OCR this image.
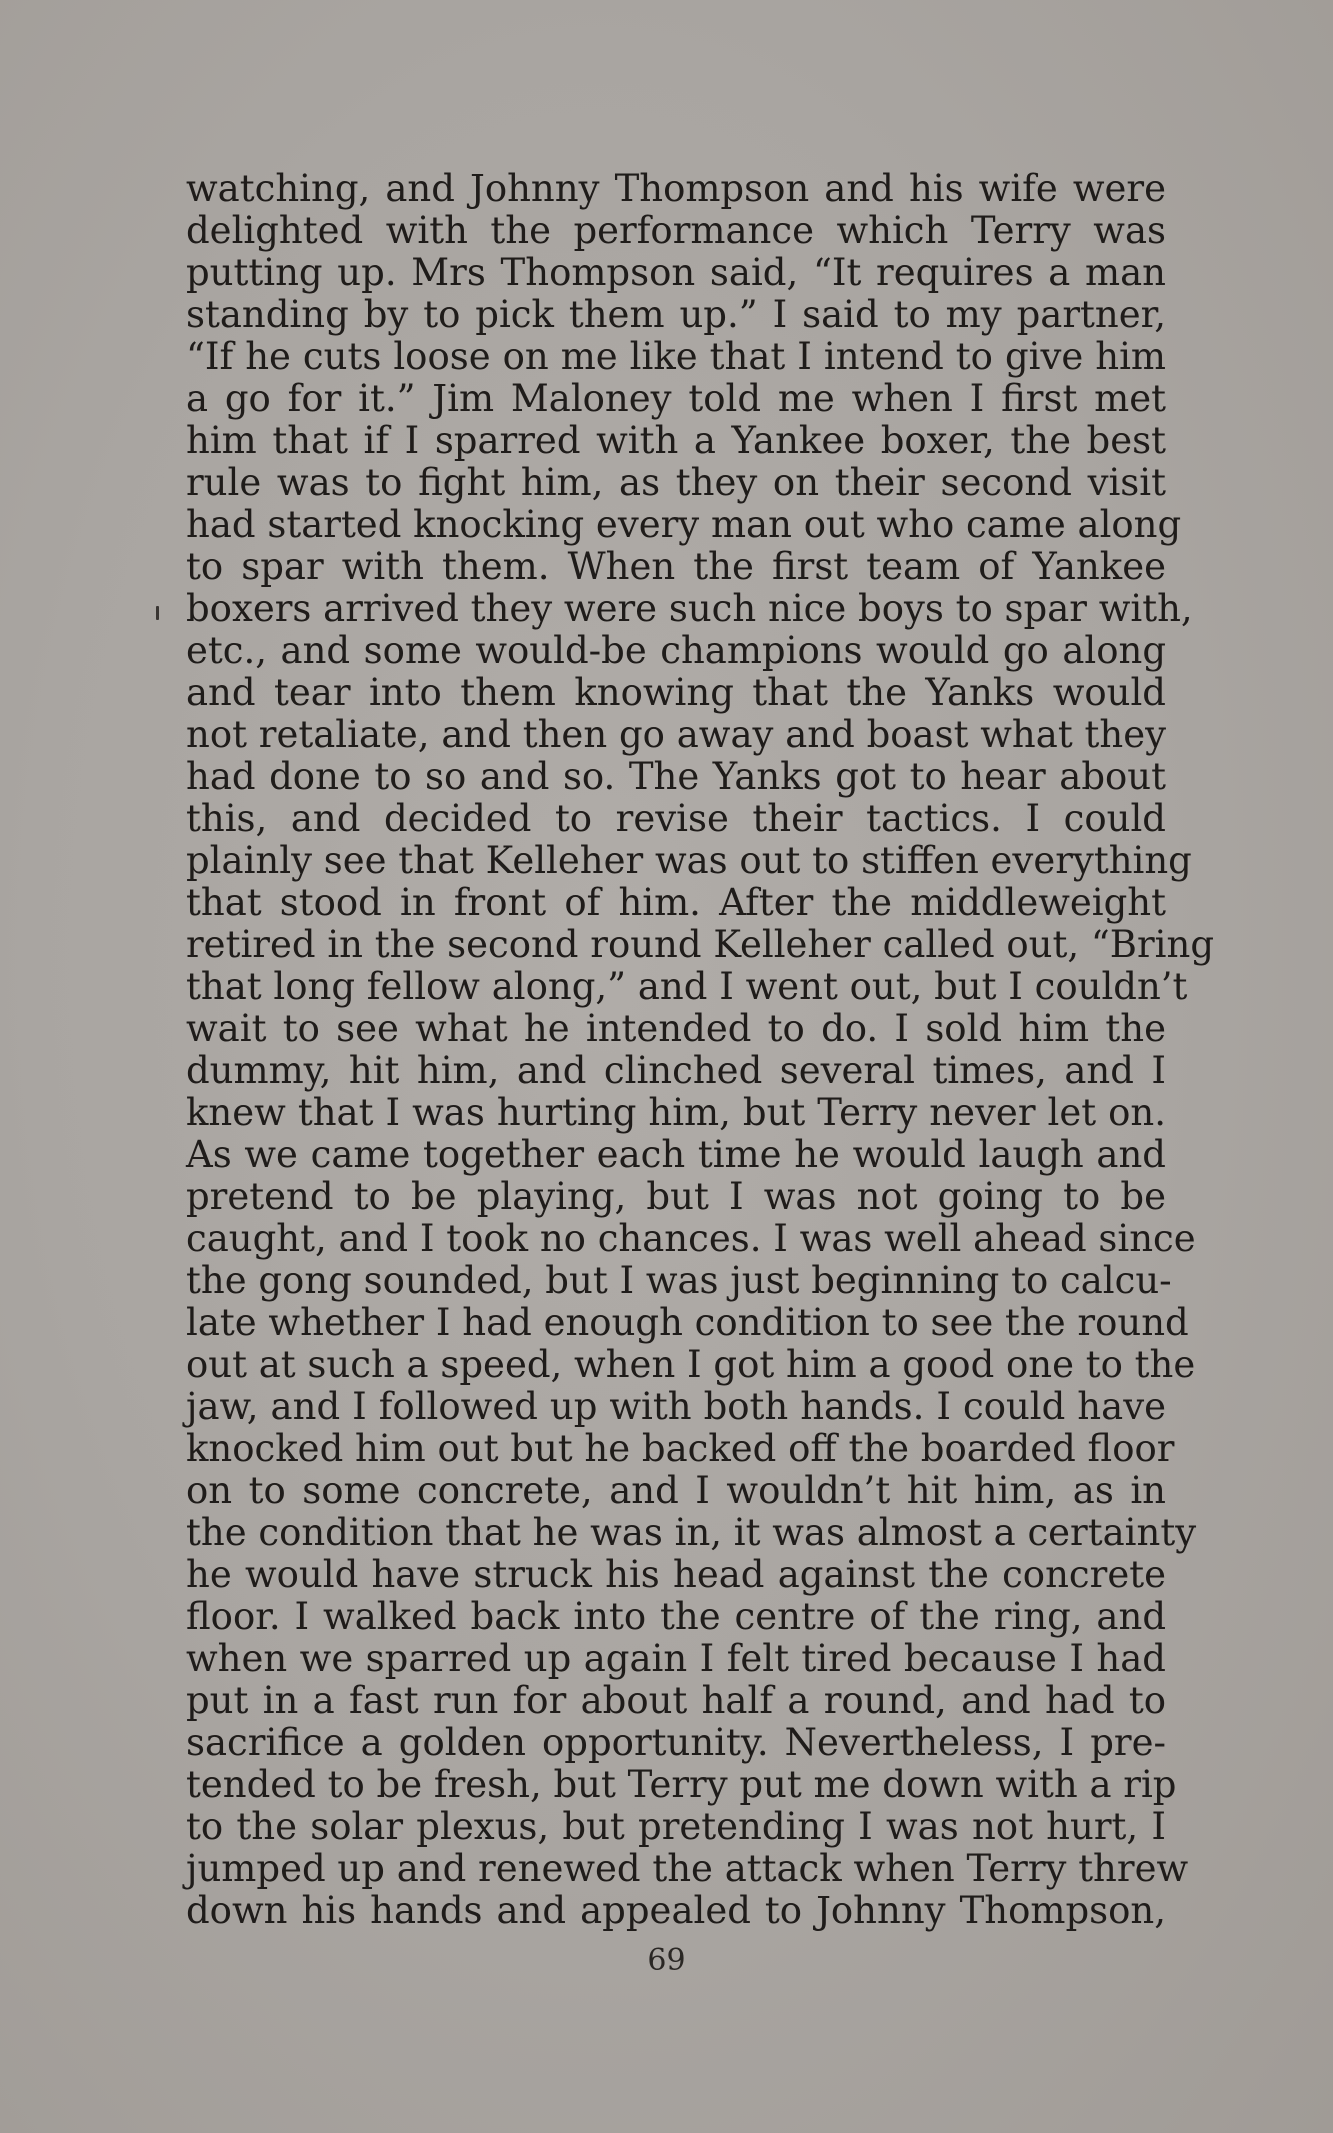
watching, and Johnny Thompson and his wife were
delighted with the performance which Terry was
putting up. Mrs Thompson said, “It requires a man
standing by to pick them up.” I said to my partner,
“If he cuts loose on me like that I intend to give him
a go for it.” Jim Maloney told me when I first met
him that if I sparred with a Yankee boxer, the best
rule was to fight him, as they on their second visit
had started knocking every man out who came along
to spar with them. When the first team of Yankee
boxers arrived they were such nice boys to spar with,
etc., and some would-be champions would go along
and tear into them knowing that the Yanks would
not retaliate, and then go away and boast what they
had done to so and so. The Yanks got to hear about
this, and decided to revise their tactics. I could
plainly see that Kelleher was out to stiffen everything
that stood in front of him. After the middleweight
retired in the second round Kelleher called out, “Bring
that long fellow along,” and I went out, but I couldn’t
wait to see what he intended to do. I sold him the
dummy, hit him, and clinched several times, and I
knew that I was hurting him, but Terry never let on.
As we came together each time he would laugh and
pretend to be playing, but I was not going to be
caught, and I took no chances. I was well ahead since
the gong sounded, but I was just beginning to calcu-
late whether I had enough condition to see the round
out at such a speed, when I got him a good one to the
jaw, and I followed up with both hands. I could have
knocked him out but he backed off the boarded floor
on to some concrete, and I wouldn’t hit him, as in
the condition that he was in, it was almost a certainty
he would have struck his head against the concrete
floor. I walked back into the centre of the ring, and
when we sparred up again I felt tired because I had
put in a fast run for about half a round, and had to
sacrifice a golden opportunity. Nevertheless, I pre-
tended to be fresh, but Terry put me down with a rip
to the solar plexus, but pretending I was not hurt, I
jumped up and renewed the attack when Terry threw
down his hands and appealed to Johnny Thompson,
69
